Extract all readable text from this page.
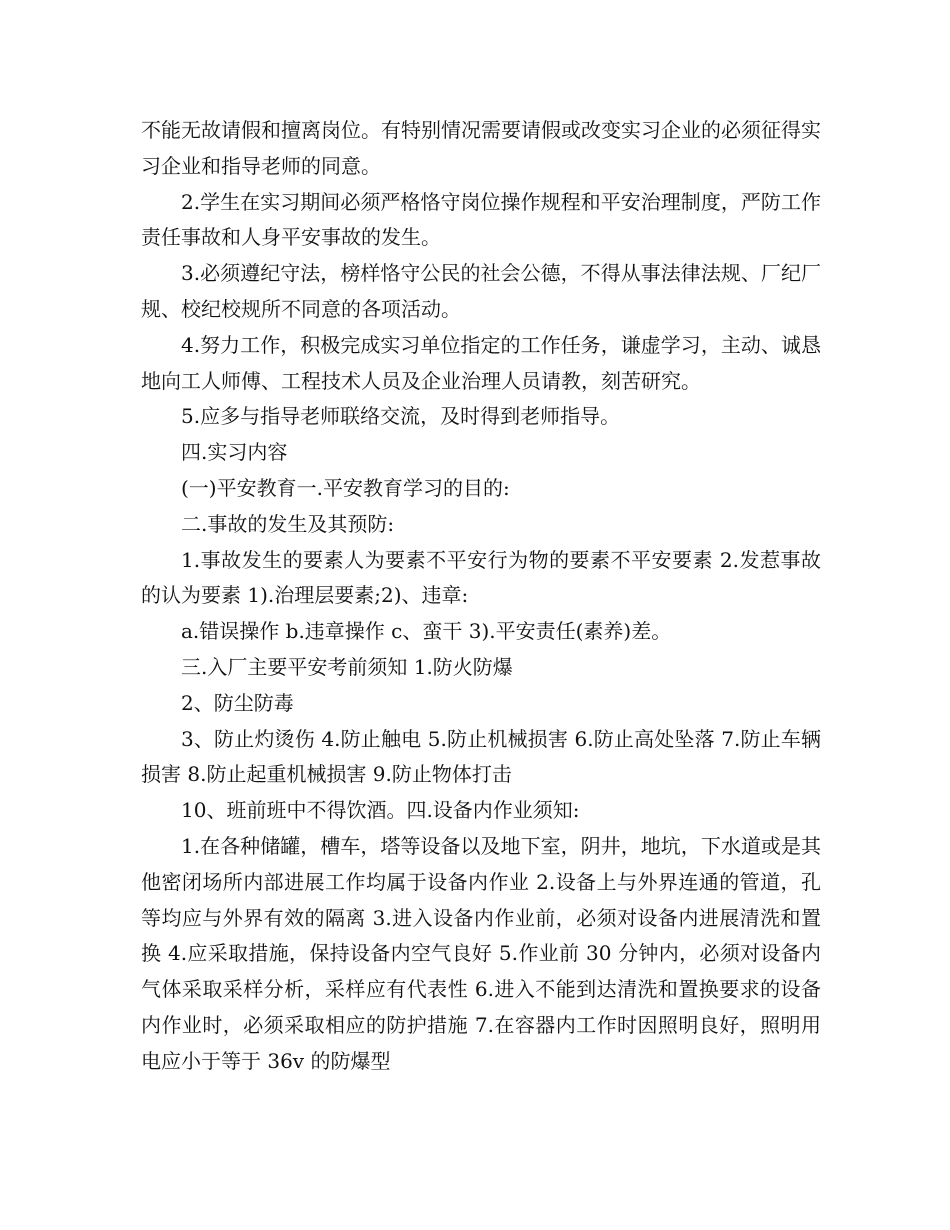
不能无故请假和擅离岗位。有特别情况需要请假或改变实习企业的必须征得实习企业和指导老师的同意。

2.学生在实习期间必须严格恪守岗位操作规程和平安治理制度，严防工作责任事故和人身平安事故的发生。

3.必须遵纪守法，榜样恪守公民的社会公德，不得从事法律法规、厂纪厂规、校纪校规所不同意的各项活动。

4.努力工作，积极完成实习单位指定的工作任务，谦虚学习，主动、诚恳地向工人师傅、工程技术人员及企业治理人员请教，刻苦研究。

5.应多与指导老师联络交流，及时得到老师指导。

四.实习内容

(一)平安教育一.平安教育学习的目的:

二.事故的发生及其预防:

1.事故发生的要素人为要素不平安行为物的要素不平安要素 2.发惹事故的认为要素 1).治理层要素;2)、违章:

a.错误操作 b.违章操作 c、蛮干 3).平安责任(素养)差。

三.入厂主要平安考前须知 1.防火防爆

2、防尘防毒

3、防止灼烫伤 4.防止触电 5.防止机械损害 6.防止高处坠落 7.防止车辆损害 8.防止起重机械损害 9.防止物体打击

10、班前班中不得饮酒。四.设备内作业须知:

1.在各种储罐，槽车，塔等设备以及地下室，阴井，地坑，下水道或是其他密闭场所内部进展工作均属于设备内作业 2.设备上与外界连通的管道，孔等均应与外界有效的隔离 3.进入设备内作业前，必须对设备内进展清洗和置换 4.应采取措施，保持设备内空气良好 5.作业前 30 分钟内，必须对设备内气体采取采样分析，采样应有代表性 6.进入不能到达清洗和置换要求的设备内作业时，必须采取相应的防护措施 7.在容器内工作时因照明良好，照明用电应小于等于 36v 的防爆型
